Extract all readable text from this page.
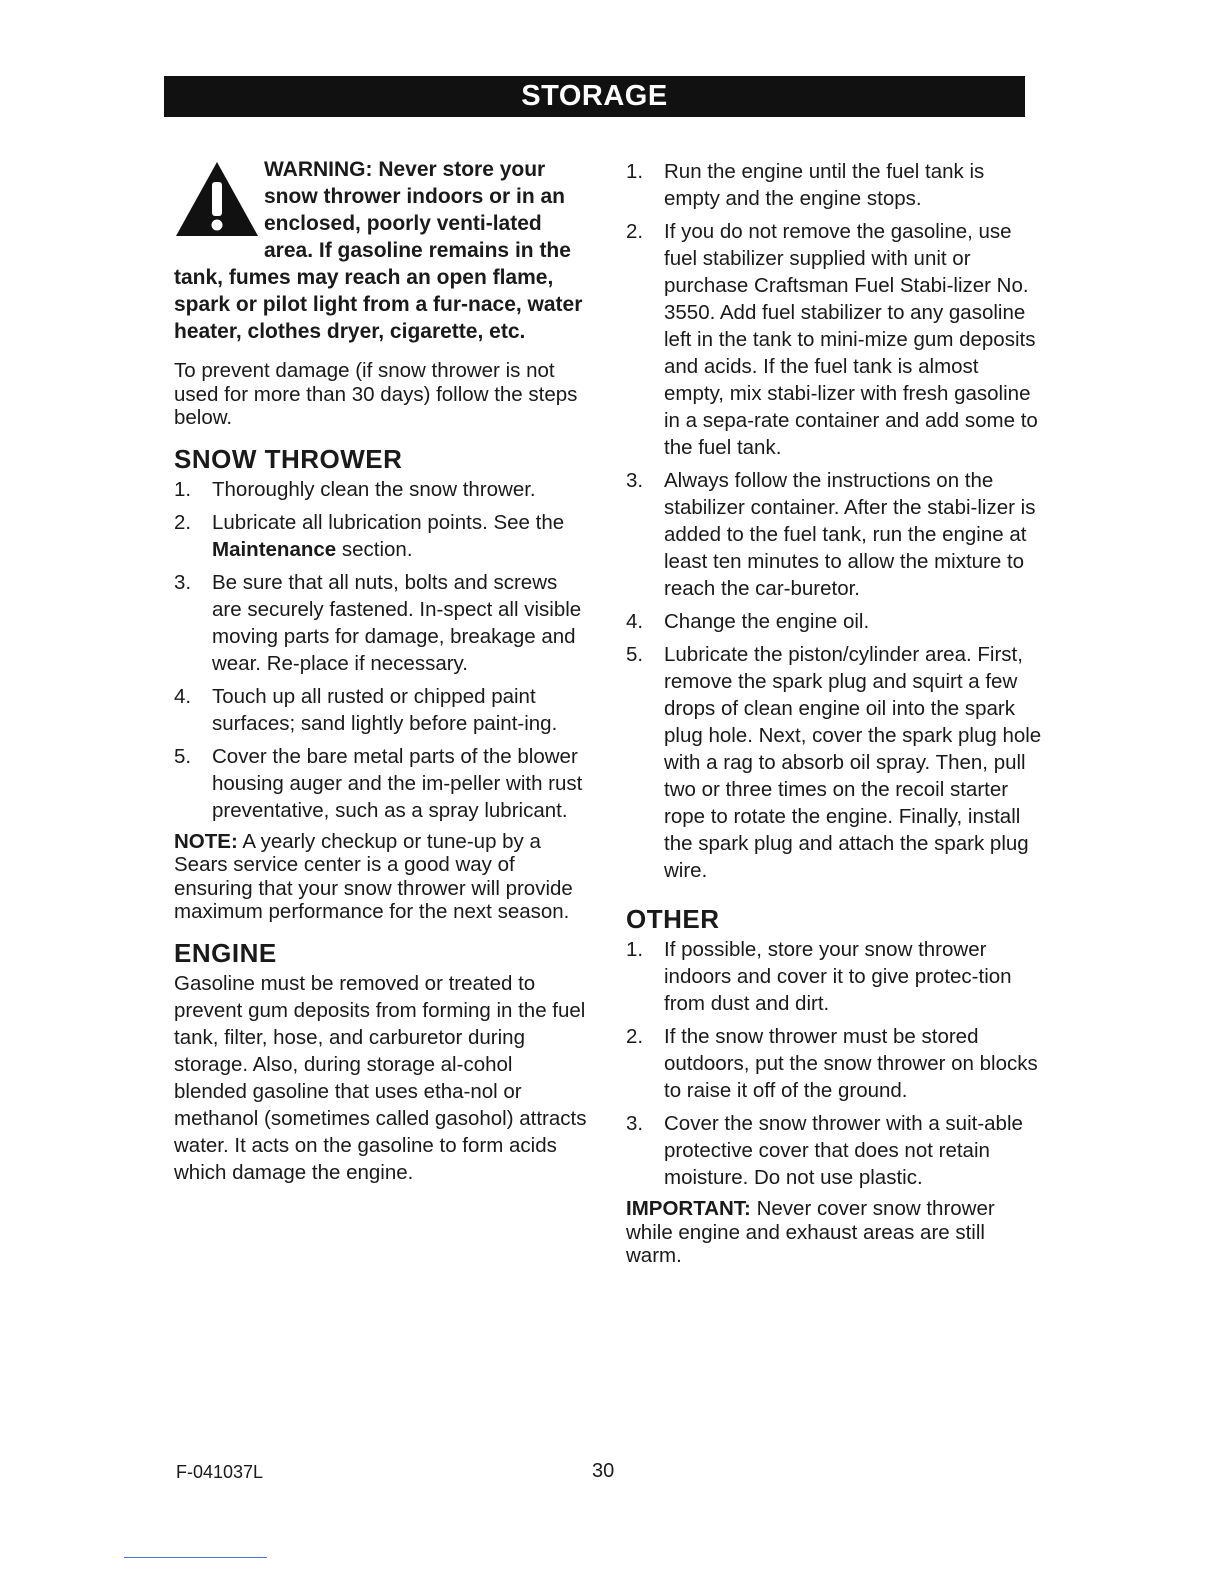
STORAGE
WARNING: Never store your snow thrower indoors or in an enclosed, poorly venti-lated area. If gasoline remains in the tank, fumes may reach an open flame, spark or pilot light from a fur-nace, water heater, clothes dryer, cigarette, etc.

To prevent damage (if snow thrower is not used for more than 30 days) follow the steps below.

SNOW THROWER
1. Thoroughly clean the snow thrower.
2. Lubricate all lubrication points. See the Maintenance section.
3. Be sure that all nuts, bolts and screws are securely fastened. In-spect all visible moving parts for damage, breakage and wear. Re-place if necessary.
4. Touch up all rusted or chipped paint surfaces; sand lightly before paint-ing.
5. Cover the bare metal parts of the blower housing auger and the im-peller with rust preventative, such as a spray lubricant.

NOTE: A yearly checkup or tune-up by a Sears service center is a good way of ensuring that your snow thrower will provide maximum performance for the next season.

ENGINE

Gasoline must be removed or treated to prevent gum deposits from forming in the fuel tank, filter, hose, and carburetor during storage. Also, during storage al-cohol blended gasoline that uses etha-nol or methanol (sometimes called gasohol) attracts water. It acts on the gasoline to form acids which damage the engine.

1. Run the engine until the fuel tank is empty and the engine stops.
2. If you do not remove the gasoline, use fuel stabilizer supplied with unit or purchase Craftsman Fuel Stabi-lizer No. 3550. Add fuel stabilizer to any gasoline left in the tank to mini-mize gum deposits and acids. If the fuel tank is almost empty, mix stabi-lizer with fresh gasoline in a sepa-rate container and add some to the fuel tank.
3. Always follow the instructions on the stabilizer container. After the stabi-lizer is added to the fuel tank, run the engine at least ten minutes to allow the mixture to reach the car-buretor.
4. Change the engine oil.
5. Lubricate the piston/cylinder area. First, remove the spark plug and squirt a few drops of clean engine oil into the spark plug hole. Next, cover the spark plug hole with a rag to absorb oil spray. Then, pull two or three times on the recoil starter rope to rotate the engine. Finally, install the spark plug and attach the spark plug wire.
OTHER
1. If possible, store your snow thrower indoors and cover it to give protec-tion from dust and dirt.
2. If the snow thrower must be stored outdoors, put the snow thrower on blocks to raise it off of the ground.
3. Cover the snow thrower with a suit-able protective cover that does not retain moisture. Do not use plastic.

IMPORTANT: Never cover snow thrower while engine and exhaust areas are still warm.

F-041037L	30
